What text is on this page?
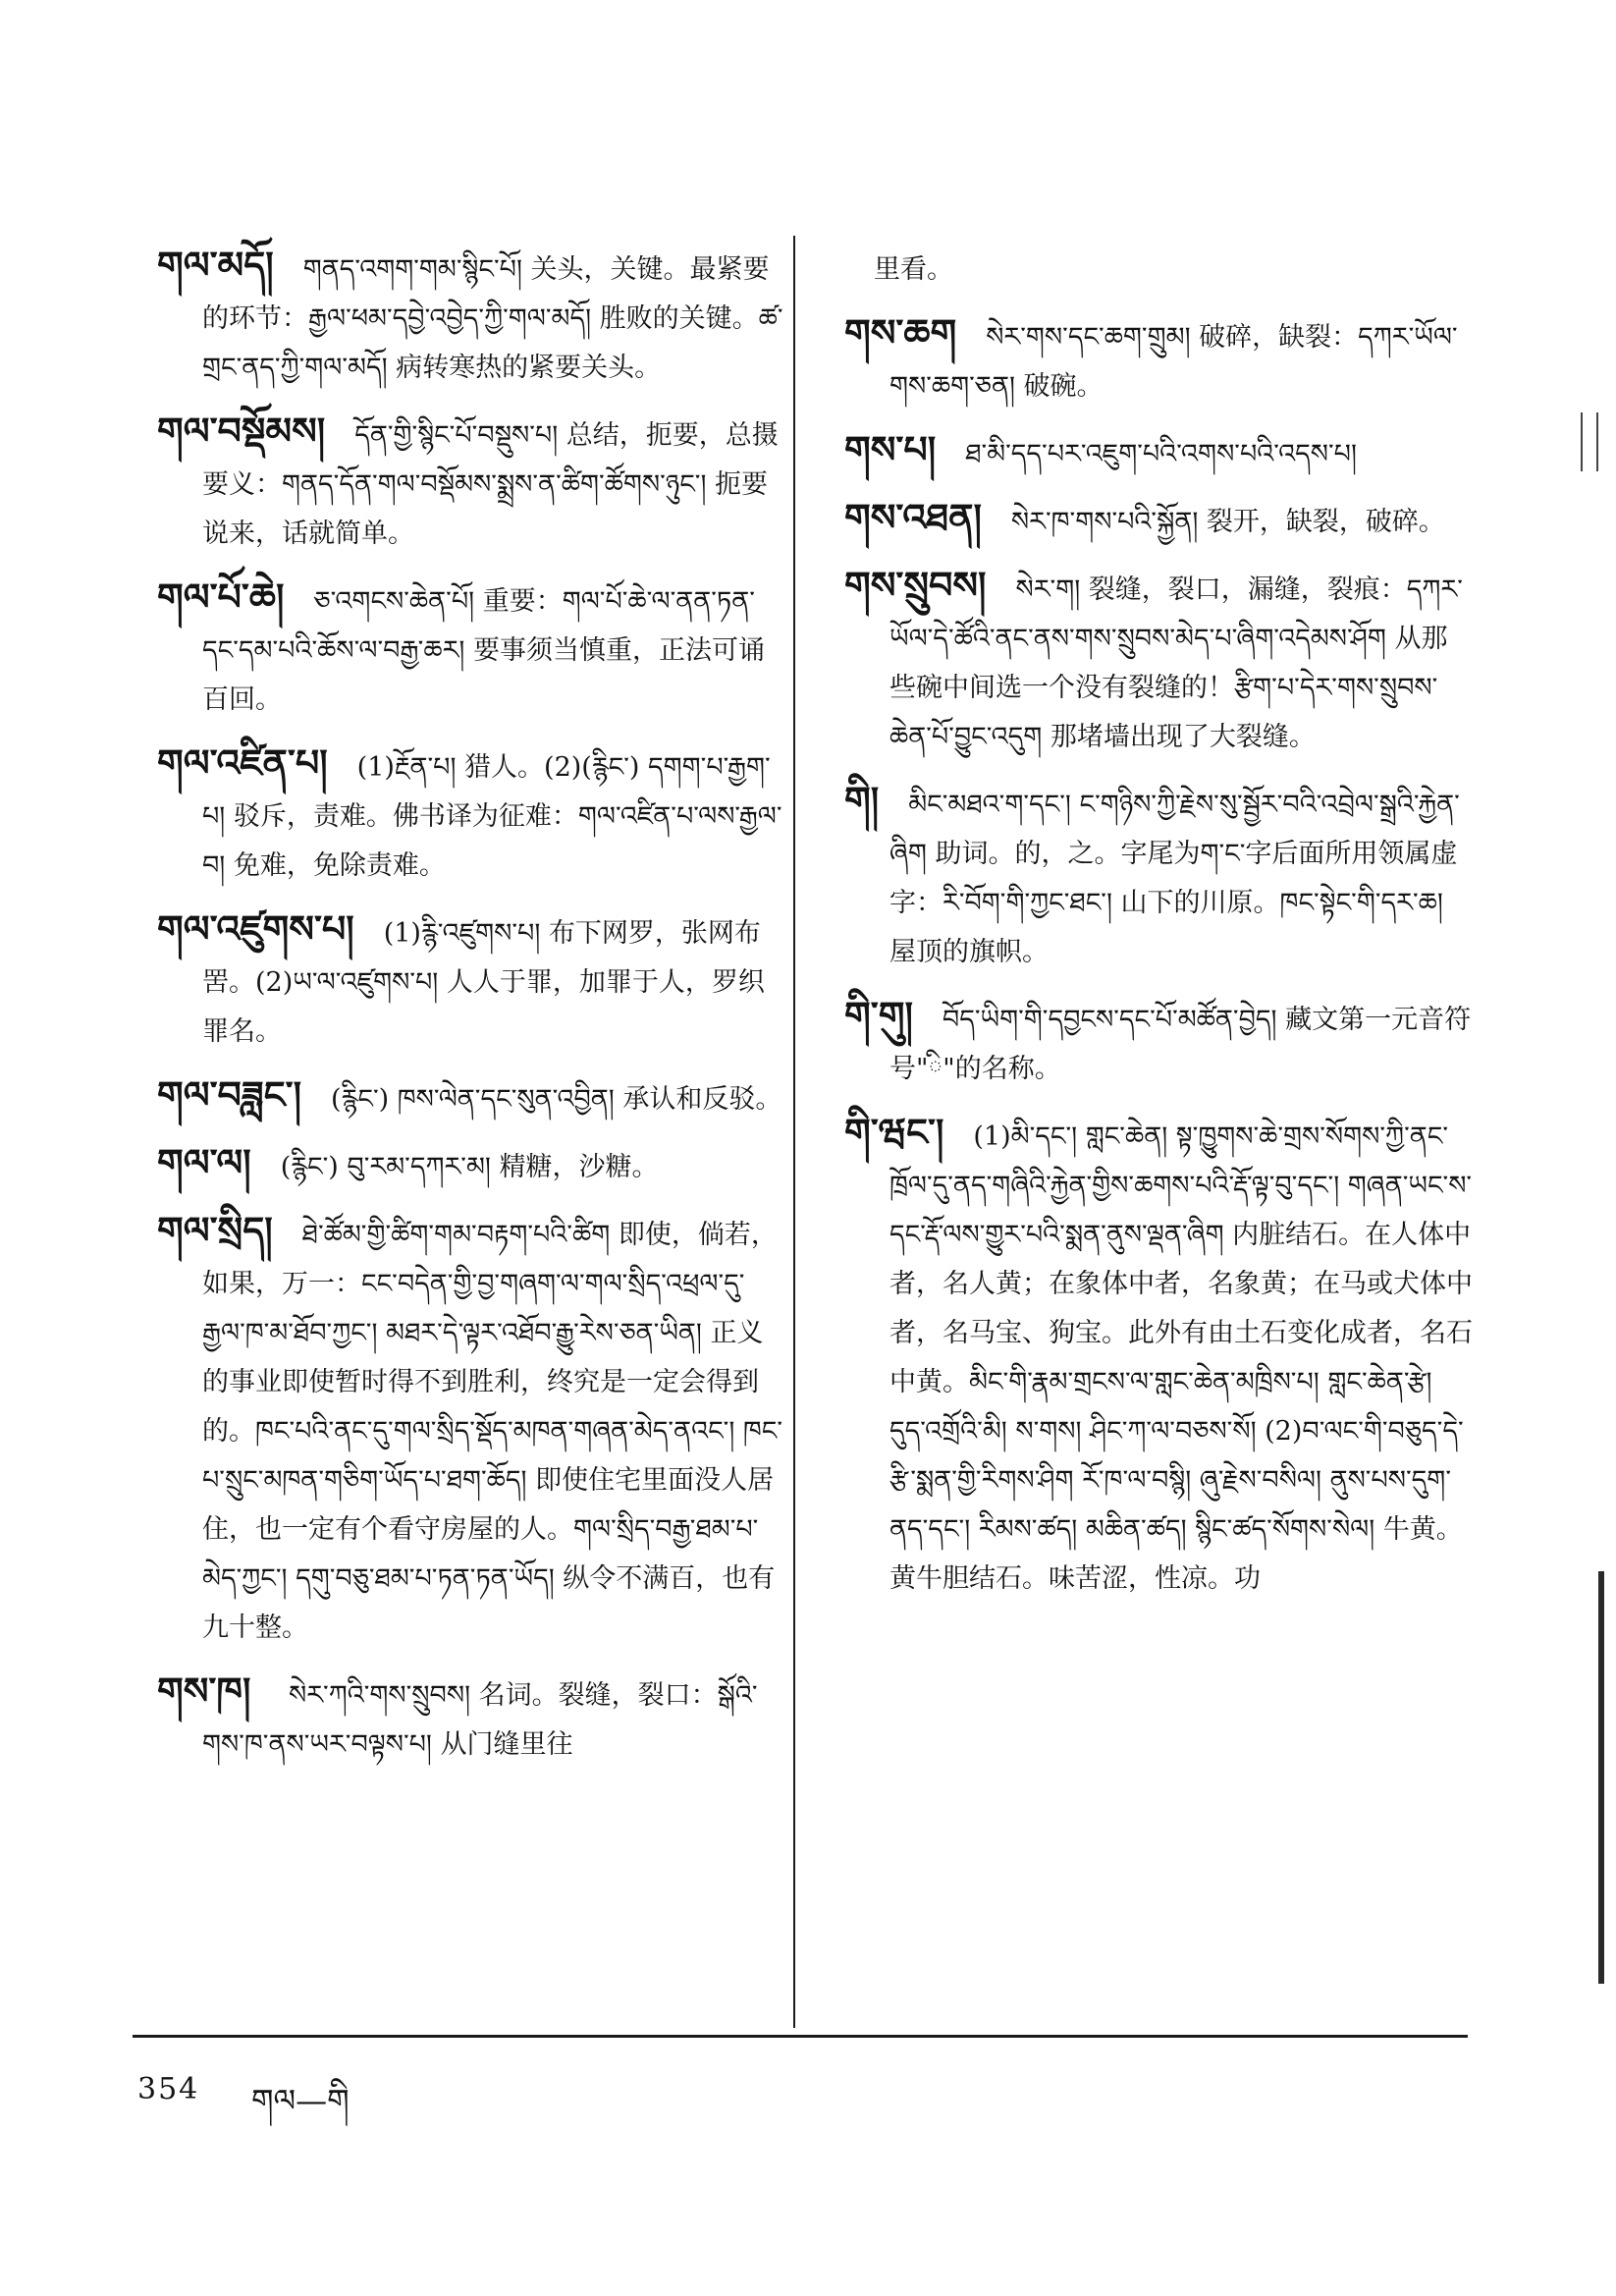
གལ་མདོ། གནད་འགག་གམ་སྙིང་པོ། 关头，关键。最紧要的环节：རྒྱལ་ཕམ་དབྱེ་འབྱེད་ཀྱི་གལ་མདོ། 胜败的关键。ཚ་གྲང་ནད་ཀྱི་གལ་མདོ། 病转寒热的紧要关头。
གལ་བསྡོམས། དོན་གྱི་སྙིང་པོ་བསྡུས་པ། 总结，扼要，总摄要义：གནད་དོན་གལ་བསྡོམས་སྨྲས་ན་ཚིག་ཚོགས་ཉུང་། 扼要说来，话就简单。
གལ་པོ་ཆེ། ཅ་འགངས་ཆེན་པོ། 重要：གལ་པོ་ཆེ་ལ་ནན་ཏན་དང་དམ་པའི་ཆོས་ལ་བརྒྱ་ཆར། 要事须当慎重，正法可诵百回。
གལ་འཛིན་པ། (1)རྔོན་པ། 猎人。(2)(རྙིང་) དགག་པ་རྒྱག་པ། 驳斥，责难。佛书译为征难：གལ་འཛིན་པ་ལས་རྒྱལ་བ། 免难，免除责难。
གལ་འཛུགས་པ། (1)རྙི་འཛུགས་པ། 布下网罗，张网布罟。(2)ཡ་ལ་འཛུགས་པ། 人人于罪，加罪于人，罗织罪名。
གལ་བཟླང་། (རྙིང་) ཁས་ལེན་དང་སུན་འབྱིན། 承认和反驳。
གལ་ལ། (རྙིང་) བུ་རམ་དཀར་མ། 精糖，沙糖。
གལ་སྲིད། ཐེ་ཚོམ་གྱི་ཚིག་གམ་བརྟག་པའི་ཚིག 即使，倘若，如果，万一：ངང་བདེན་གྱི་བྱ་གཞག་ལ་གལ་སྲིད་འཕྲལ་དུ་རྒྱལ་ཁ་མ་ཐོབ་ཀྱང་། མཐར་དེ་ལྟར་འཐོབ་རྒྱུ་རེས་ཅན་ཡིན། 正义的事业即使暂时得不到胜利，终究是一定会得到的。ཁང་པའི་ནང་དུ་གལ་སྲིད་སྡོད་མཁན་གཞན་མེད་ནའང་། ཁང་པ་སྲུང་མཁན་གཅིག་ཡོད་པ་ཐག་ཆོད། 即使住宅里面没人居住，也一定有个看守房屋的人。གལ་སྲིད་བརྒྱ་ཐམ་པ་མེད་ཀྱང་། དགུ་བཅུ་ཐམ་པ་ཏན་ཏན་ཡོད། 纵令不满百，也有九十整。
གས་ཁ། སེར་ཀའི་གས་སྲུབས། 名词。裂缝，裂口：སྒོའི་གས་ཁ་ནས་ཡར་བལྟས་པ། 从门缝里往
里看。
གས་ཆག སེར་གས་དང་ཆག་གྲུམ། 破碎，缺裂：དཀར་ཡོལ་གས་ཆག་ཅན། 破碗。
གས་པ། ཐ་མི་དད་པར་འཇུག་པའི་འགས་པའི་འདས་པ།
གས་འཐན། སེར་ཁ་གས་པའི་སྐྱོན། 裂开，缺裂，破碎。
གས་སྲུབས། སེར་ག། 裂缝，裂口，漏缝，裂痕：དཀར་ཡོལ་དེ་ཚོའི་ནང་ནས་གས་སྲུབས་མེད་པ་ཞིག་འདེམས་ཤོག 从那些碗中间选一个没有裂缝的！རྩིག་པ་དེར་གས་སྲུབས་ཆེན་པོ་བྱུང་འདུག 那堵墙出现了大裂缝。
གི། མིང་མཐའ་ག་དང་། ང་གཉིས་ཀྱི་རྗེས་སུ་སྦྱོར་བའི་འབྲེལ་སྒྲའི་རྐྱེན་ཞིག 助词。的，之。字尾为ག་ང་字后面所用领属虚字：རི་བོག་གི་ཀྱང་ཐང་། 山下的川原。ཁང་སྟེང་གི་དར་ཆ། 屋顶的旗帜。
གི་གུ། བོད་ཡིག་གི་དབྱངས་དང་པོ་མཚོན་བྱེད། 藏文第一元音符号"ི"的名称。
གི་ཝང་། (1)མི་དང་། གླང་ཆེན། སྟ་ཁྱུགས་ཆེ་གྲས་སོགས་ཀྱི་ནང་ཁྲོལ་དུ་ནད་གཞིའི་རྐྱེན་གྱིས་ཆགས་པའི་རྡོ་ལྟ་བུ་དང་། གཞན་ཡང་ས་དང་རྡོ་ལས་གྱུར་པའི་སྨན་ནུས་ལྡན་ཞིག 内脏结石。在人体中者，名人黄；在象体中者，名象黄；在马或犬体中者，名马宝、狗宝。此外有由土石变化成者，名石中黄。མིང་གི་རྣམ་གྲངས་ལ་གླང་ཆེན་མཁྲིས་པ། གླང་ཆེན་རྩེ། དུད་འགྲོའི་མི། ས་གས། ཤིང་ཀ་ལ་བཅས་སོ། (2)བ་ལང་གི་བཅུད་དེ་རྩི་སྨན་གྱི་རིགས་ཤིག རོ་ཁ་ལ་བསྙི། ཞུ་རྗེས་བསིལ། ནུས་པས་དུག་ནད་དང་། རིམས་ཚད། མཆིན་ཚད། སྙིང་ཚད་སོགས་སེལ། 牛黄。黄牛胆结石。味苦涩，性凉。功
354 གལ—གི
